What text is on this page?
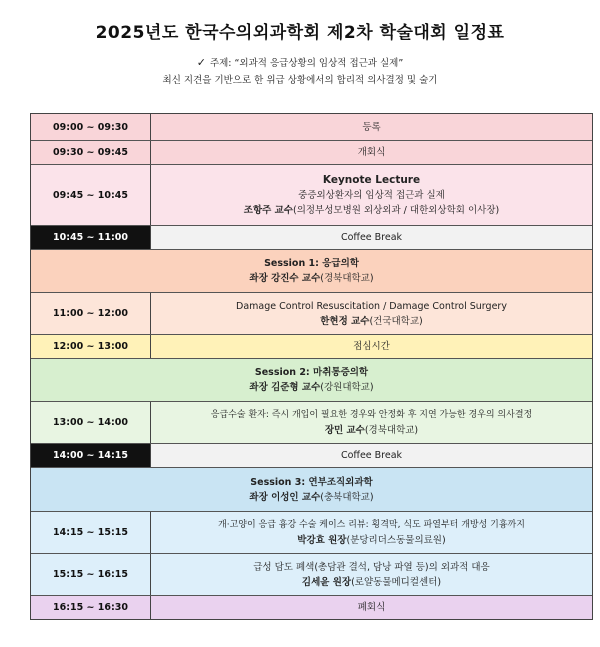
2025년도 한국수의외과학회 제2차 학술대회 일정표
✓ 주제: “외과적 응급상황의 임상적 접근과 실제”
최신 지견을 기반으로 한 위급 상황에서의 합리적 의사결정 및 술기
09:00 ~ 09:30	등록
09:30 ~ 09:45	개회식
09:45 ~ 10:45
Keynote Lecture
중증외상환자의 임상적 접근과 실제
조항주 교수(의정부성모병원 외상외과 / 대한외상학회 이사장)
10:45 ~ 11:00	Coffee Break
Session 1: 응급의학
좌장 강진수 교수(경북대학교)
11:00 ~ 12:00
Damage Control Resuscitation / Damage Control Surgery
한현정 교수(건국대학교)
12:00 ~ 13:00	점심시간
Session 2: 마취통증의학
좌장 김준형 교수(강원대학교)
13:00 ~ 14:00
응급수술 환자: 즉시 개입이 필요한 경우와 안정화 후 지연 가능한 경우의 의사결정
장민 교수(경북대학교)
14:00 ~ 14:15	Coffee Break
Session 3: 연부조직외과학
좌장 이성인 교수(충북대학교)
14:15 ~ 15:15
개·고양이 응급 흉강 수술 케이스 리뷰: 횡격막, 식도 파열부터 개방성 기흉까지
박강효 원장(분당리더스동물의료원)
15:15 ~ 16:15
급성 담도 폐색(총담관 결석, 담낭 파열 등)의 외과적 대응
김세윤 원장(로얄동물메디컬센터)
16:15 ~ 16:30	폐회식
